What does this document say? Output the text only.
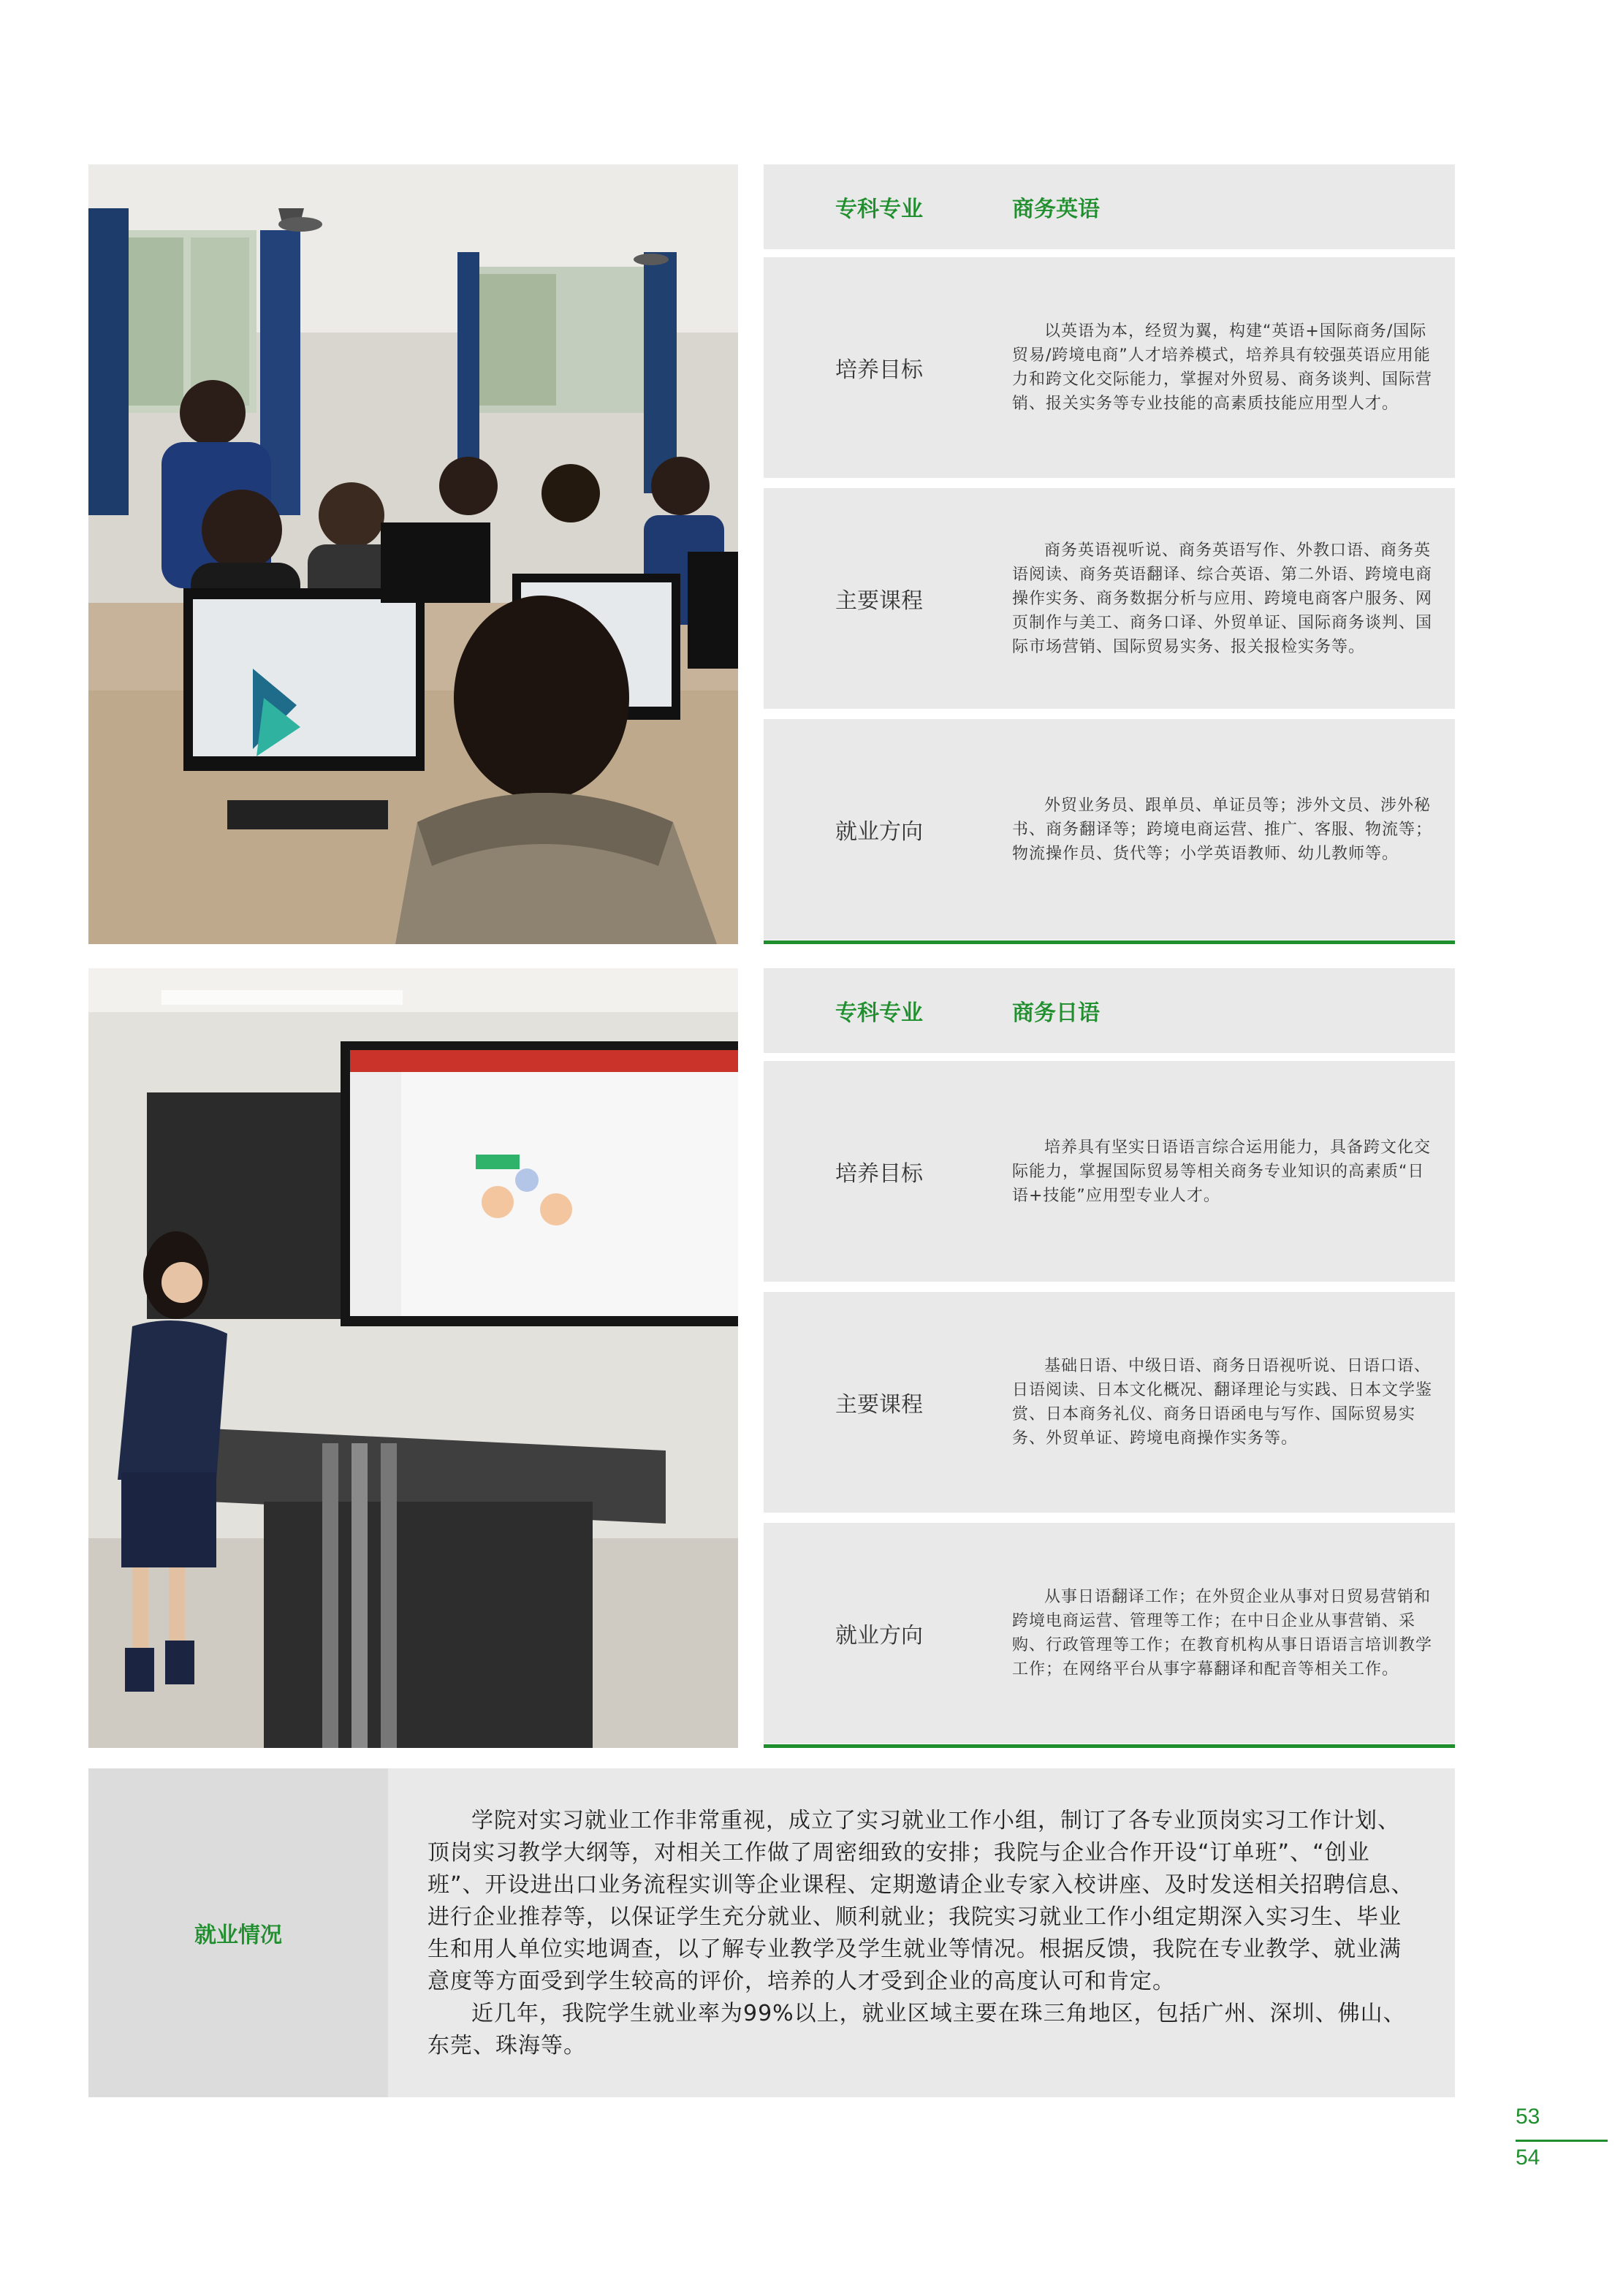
专科专业	商务英语
培养目标
以英语为本，经贸为翼，构建“英语+国际商务/国际贸易/跨境电商”人才培养模式，培养具有较强英语应用能力和跨文化交际能力，掌握对外贸易、商务谈判、国际营销、报关实务等专业技能的高素质技能应用型人才。
主要课程
商务英语视听说、商务英语写作、外教口语、商务英语阅读、商务英语翻译、综合英语、第二外语、跨境电商操作实务、商务数据分析与应用、跨境电商客户服务、网页制作与美工、商务口译、外贸单证、国际商务谈判、国际市场营销、国际贸易实务、报关报检实务等。
就业方向
外贸业务员、跟单员、单证员等；涉外文员、涉外秘书、商务翻译等；跨境电商运营、推广、客服、物流等；物流操作员、货代等；小学英语教师、幼儿教师等。
专科专业	商务日语
培养目标
培养具有坚实日语语言综合运用能力，具备跨文化交际能力，掌握国际贸易等相关商务专业知识的高素质“日语+技能”应用型专业人才。
主要课程
基础日语、中级日语、商务日语视听说、日语口语、日语阅读、日本文化概况、翻译理论与实践、日本文学鉴赏、日本商务礼仪、商务日语函电与写作、国际贸易实务、外贸单证、跨境电商操作实务等。
就业方向
从事日语翻译工作；在外贸企业从事对日贸易营销和跨境电商运营、管理等工作；在中日企业从事营销、采购、行政管理等工作；在教育机构从事日语语言培训教学工作；在网络平台从事字幕翻译和配音等相关工作。
就业情况

学院对实习就业工作非常重视，成立了实习就业工作小组，制订了各专业顶岗实习工作计划、顶岗实习教学大纲等，对相关工作做了周密细致的安排；我院与企业合作开设“订单班”、“创业班”、开设进出口业务流程实训等企业课程、定期邀请企业专家入校讲座、及时发送相关招聘信息、进行企业推荐等，以保证学生充分就业、顺利就业；我院实习就业工作小组定期深入实习生、毕业生和用人单位实地调查，以了解专业教学及学生就业等情况。根据反馈，我院在专业教学、就业满意度等方面受到学生较高的评价，培养的人才受到企业的高度认可和肯定。

近几年，我院学生就业率为99%以上，就业区域主要在珠三角地区，包括广州、深圳、佛山、东莞、珠海等。

53
54
